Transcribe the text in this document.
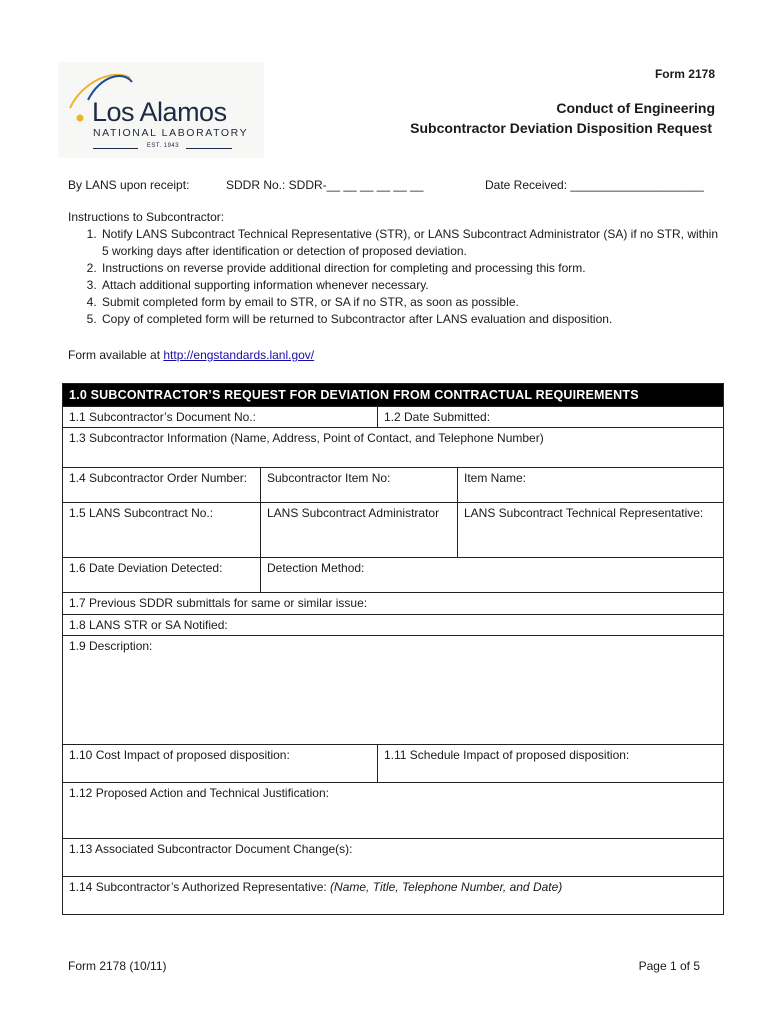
Los Alamos
NATIONAL LABORATORY
EST. 1943
Form 2178
Conduct of Engineering
Subcontractor Deviation Disposition Request
By LANS upon receipt:	SDDR No.: SDDR-__ __ __ __ __ __	Date Received: ____________________
Instructions to Subcontractor:
1. Notify LANS Subcontract Technical Representative (STR), or LANS Subcontract Administrator (SA) if no STR, within 5 working days after identification or detection of proposed deviation.
2. Instructions on reverse provide additional direction for completing and processing this form.
3. Attach additional supporting information whenever necessary.
4. Submit completed form by email to STR, or SA if no STR, as soon as possible.
5. Copy of completed form will be returned to Subcontractor after LANS evaluation and disposition.
Form available at http://engstandards.lanl.gov/
1.0 SUBCONTRACTOR’S REQUEST FOR DEVIATION FROM CONTRACTUAL REQUIREMENTS			
1.1 Subcontractor’s Document No.:		1.2 Date Submitted:	
1.3 Subcontractor Information (Name, Address, Point of Contact, and Telephone Number)			
1.4 Subcontractor Order Number:	Subcontractor Item No:		Item Name:
1.5 LANS Subcontract No.:	LANS Subcontract Administrator		LANS Subcontract Technical Representative:
1.6 Date Deviation Detected:	Detection Method:		
1.7 Previous SDDR submittals for same or similar issue:			
1.8 LANS STR or SA Notified:			
1.9 Description:			
1.10 Cost Impact of proposed disposition:		1.11 Schedule Impact of proposed disposition:	
1.12 Proposed Action and Technical Justification:			
1.13 Associated Subcontractor Document Change(s):			
1.14 Subcontractor’s Authorized Representative: (Name, Title, Telephone Number, and Date)			
Form 2178 (10/11)	Page 1 of 5
